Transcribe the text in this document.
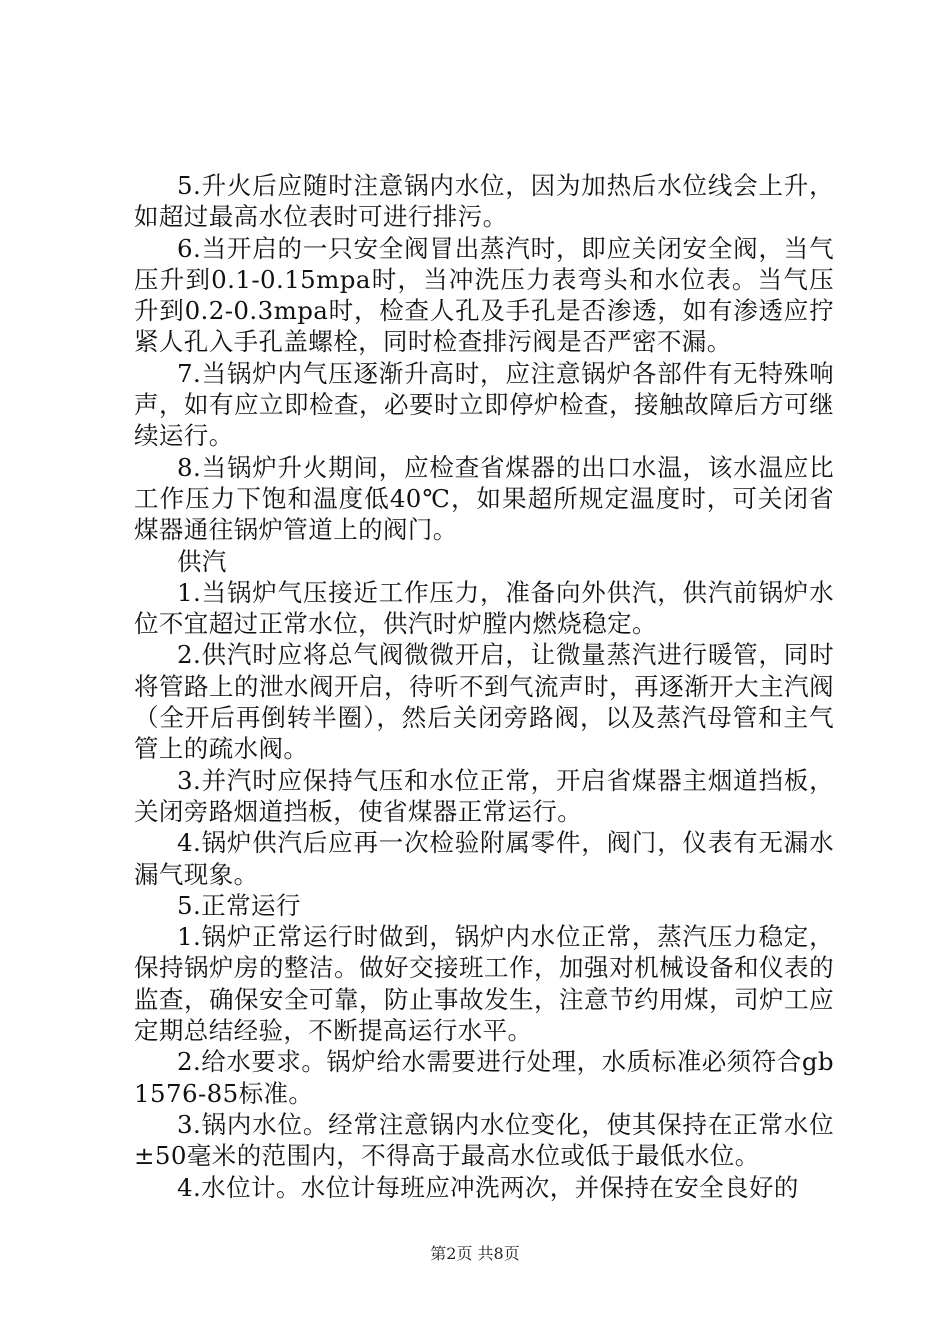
5.升火后应随时注意锅内水位，因为加热后水位线会上升，如超过最高水位表时可进行排污。

6.当开启的一只安全阀冒出蒸汽时，即应关闭安全阀，当气压升到0.1-0.15mpa时，当冲洗压力表弯头和水位表。当气压升到0.2-0.3mpa时，检查人孔及手孔是否渗透，如有渗透应拧紧人孔入手孔盖螺栓，同时检查排污阀是否严密不漏。

7.当锅炉内气压逐渐升高时，应注意锅炉各部件有无特殊响声，如有应立即检查，必要时立即停炉检查，接触故障后方可继续运行。

8.当锅炉升火期间，应检查省煤器的出口水温，该水温应比工作压力下饱和温度低40℃，如果超所规定温度时，可关闭省煤器通往锅炉管道上的阀门。

供汽

1.当锅炉气压接近工作压力，准备向外供汽，供汽前锅炉水位不宜超过正常水位，供汽时炉膛内燃烧稳定。

2.供汽时应将总气阀微微开启，让微量蒸汽进行暖管，同时将管路上的泄水阀开启，待听不到气流声时，再逐渐开大主汽阀（全开后再倒转半圈），然后关闭旁路阀，以及蒸汽母管和主气管上的疏水阀。

3.并汽时应保持气压和水位正常，开启省煤器主烟道挡板，关闭旁路烟道挡板，使省煤器正常运行。

4.锅炉供汽后应再一次检验附属零件，阀门，仪表有无漏水漏气现象。

5.正常运行

1.锅炉正常运行时做到，锅炉内水位正常，蒸汽压力稳定，保持锅炉房的整洁。做好交接班工作，加强对机械设备和仪表的监查，确保安全可靠，防止事故发生，注意节约用煤，司炉工应定期总结经验，不断提高运行水平。

2.给水要求。锅炉给水需要进行处理，水质标准必须符合gb1576-85标准。

3.锅内水位。经常注意锅内水位变化，使其保持在正常水位±50毫米的范围内，不得高于最高水位或低于最低水位。

4.水位计。水位计每班应冲洗两次，并保持在安全良好的

第2页 共8页
